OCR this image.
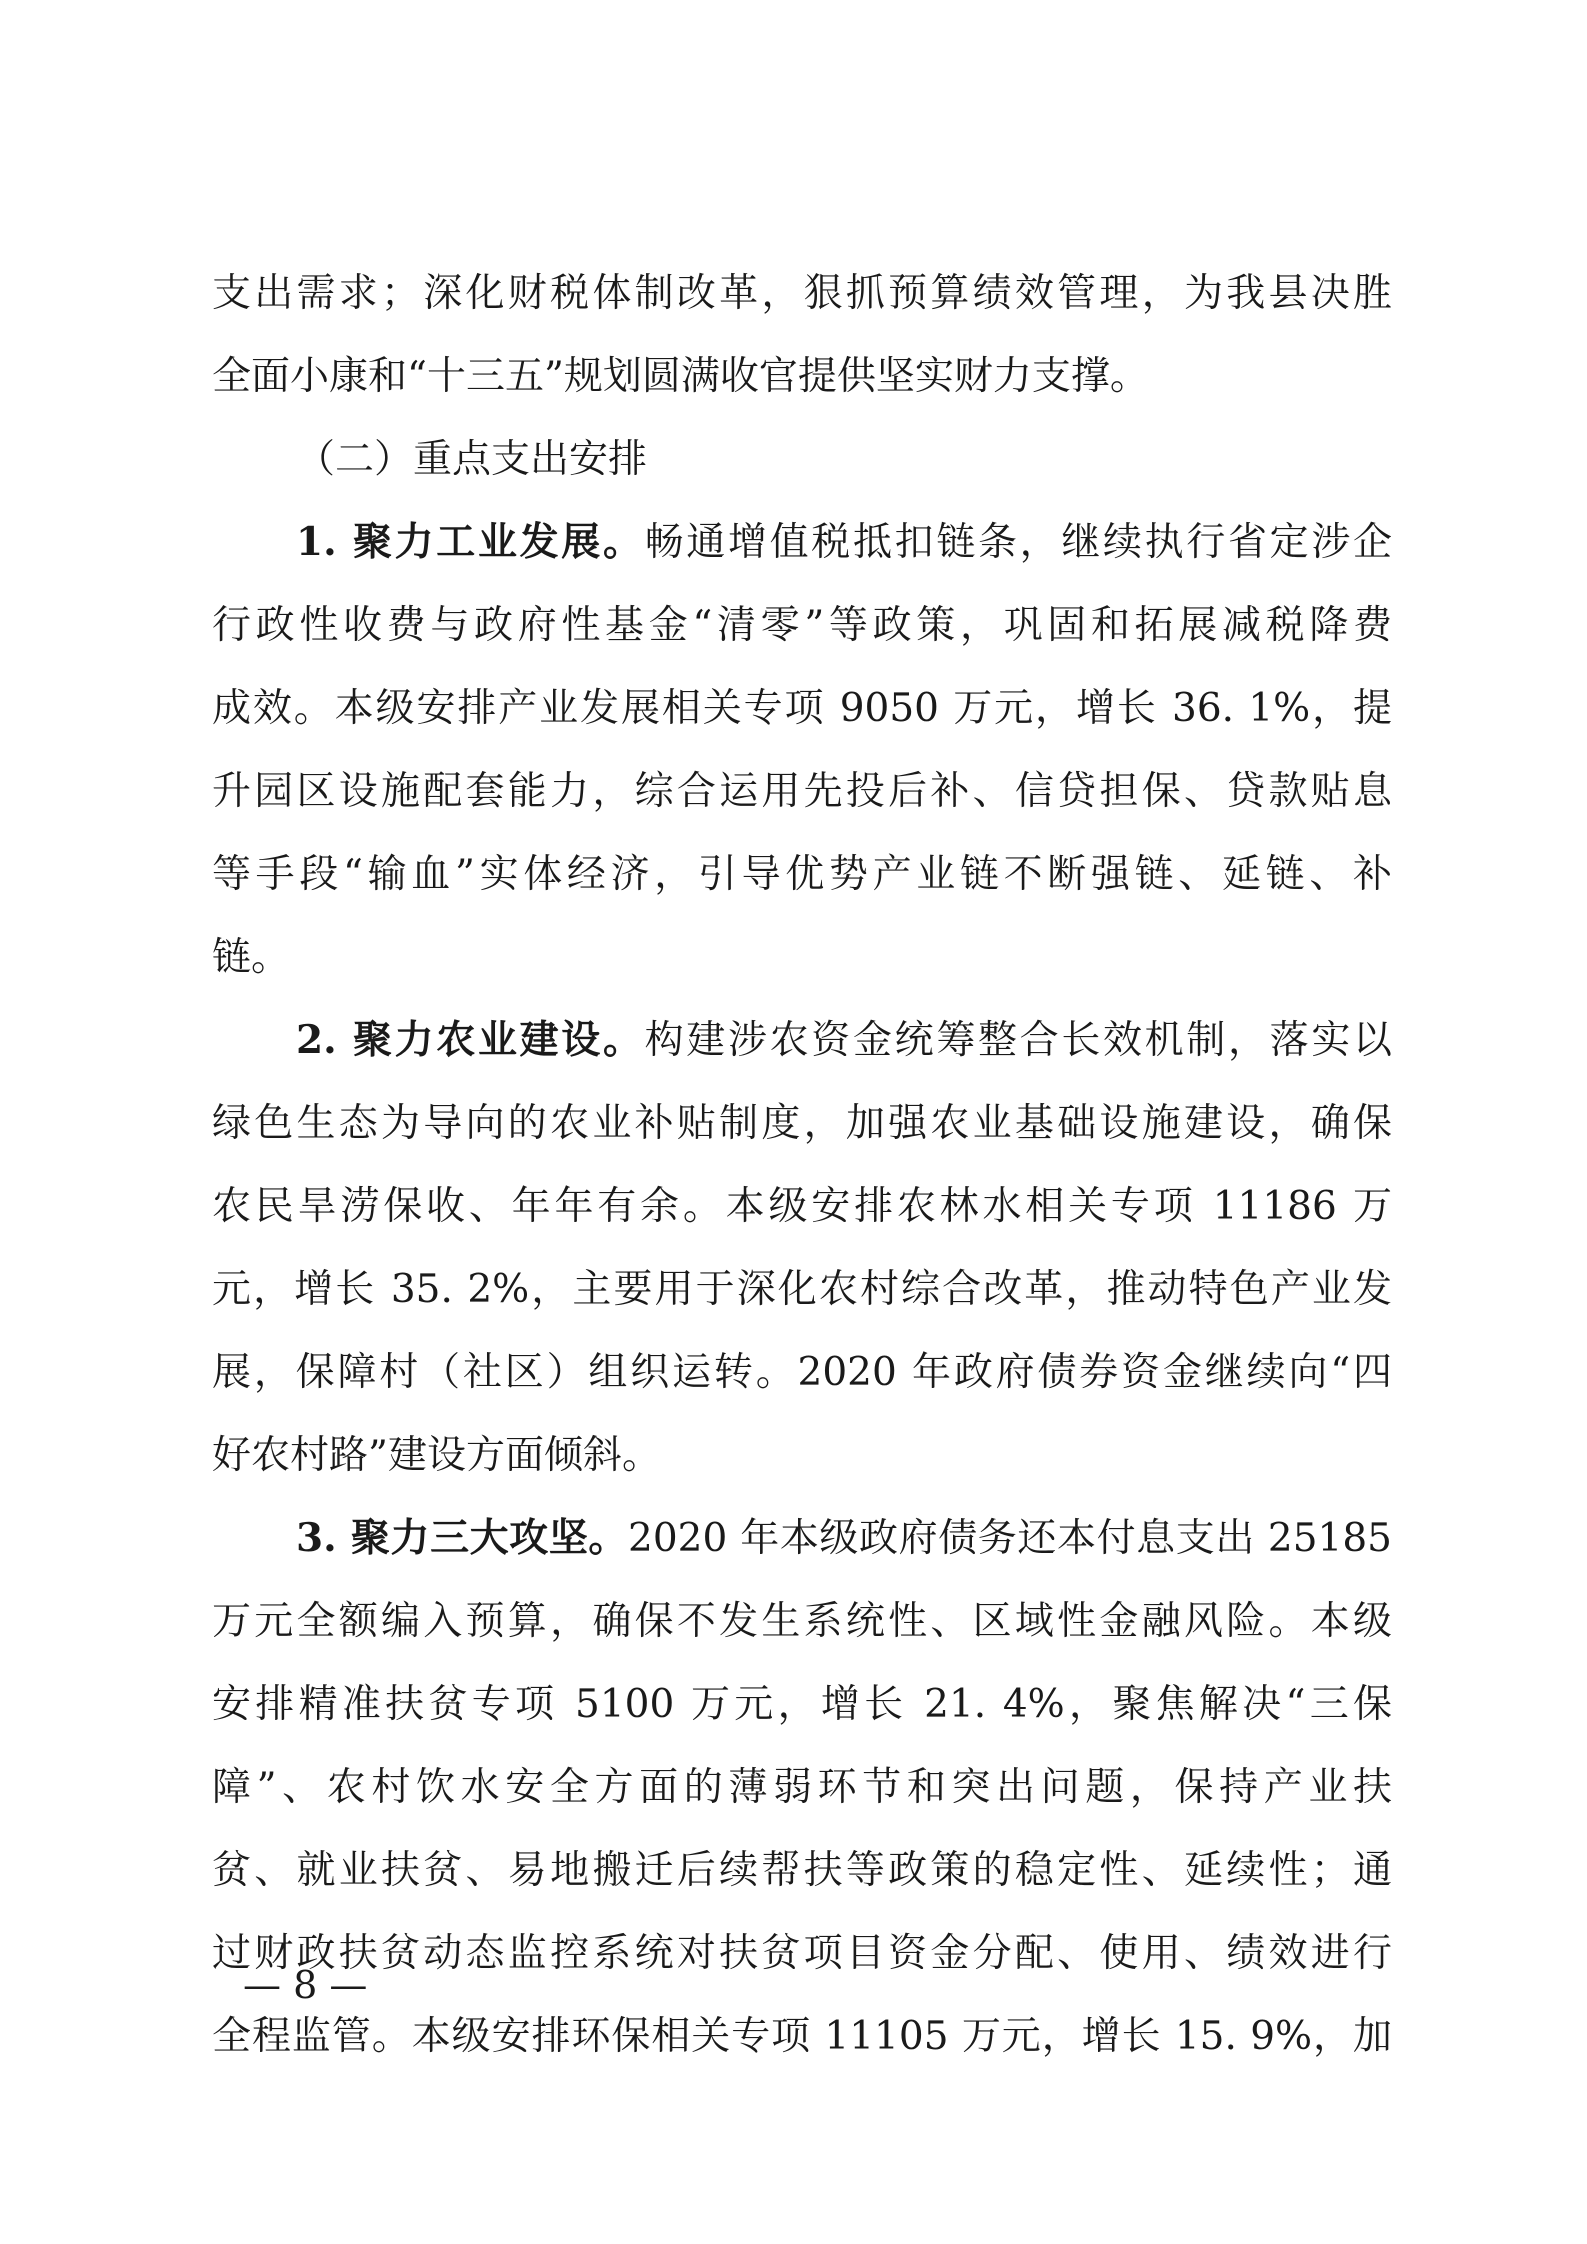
支出需求；深化财税体制改革，狠抓预算绩效管理，为我县决胜
全面小康和“十三五”规划圆满收官提供坚实财力支撑。
（二）重点支出安排
1. 聚力工业发展。畅通增值税抵扣链条，继续执行省定涉企
行政性收费与政府性基金“清零”等政策，巩固和拓展减税降费
成效。本级安排产业发展相关专项 9050 万元，增长 36. 1%，提
升园区设施配套能力，综合运用先投后补、信贷担保、贷款贴息
等手段“输血”实体经济，引导优势产业链不断强链、延链、补
链。
2. 聚力农业建设。构建涉农资金统筹整合长效机制，落实以
绿色生态为导向的农业补贴制度，加强农业基础设施建设，确保
农民旱涝保收、年年有余。本级安排农林水相关专项 11186 万
元，增长 35. 2%，主要用于深化农村综合改革，推动特色产业发
展，保障村（社区）组织运转。2020 年政府债券资金继续向“四
好农村路”建设方面倾斜。
3. 聚力三大攻坚。2020 年本级政府债务还本付息支出 25185
万元全额编入预算，确保不发生系统性、区域性金融风险。本级
安排精准扶贫专项 5100 万元，增长 21. 4%，聚焦解决“三保
障”、农村饮水安全方面的薄弱环节和突出问题，保持产业扶
贫、就业扶贫、易地搬迁后续帮扶等政策的稳定性、延续性；通
过财政扶贫动态监控系统对扶贫项目资金分配、使用、绩效进行
全程监管。本级安排环保相关专项 11105 万元，增长 15. 9%，加
— 8 —
